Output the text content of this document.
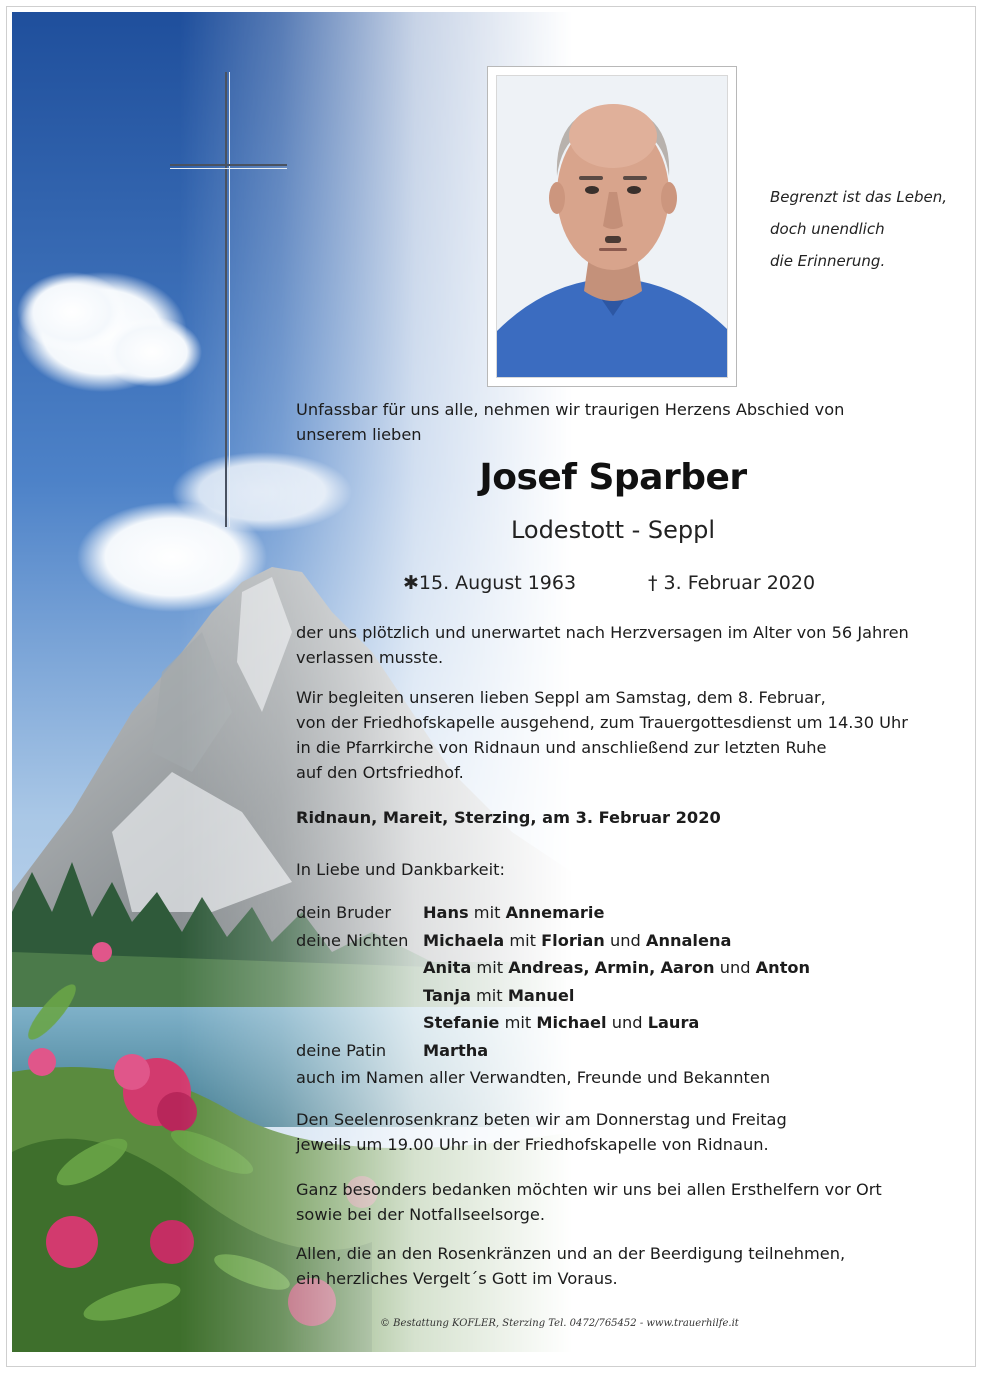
Begrenzt ist das Leben,
doch unendlich
die Erinnerung.
Unfassbar für uns alle, nehmen wir traurigen Herzens Abschied von
unserem lieben
Josef Sparber
Lodestott - Seppl
✱15. August 1963	† 3. Februar 2020
der uns plötzlich und unerwartet nach Herzversagen im Alter von 56 Jahren
verlassen musste.
Wir begleiten unseren lieben Seppl am Samstag, dem 8. Februar,
von der Friedhofskapelle ausgehend, zum Trauergottesdienst um 14.30 Uhr
in die Pfarrkirche von Ridnaun und anschließend zur letzten Ruhe
auf den Ortsfriedhof.
Ridnaun, Mareit, Sterzing, am 3. Februar 2020
In Liebe und Dankbarkeit:
dein Bruder Hans mit Annemarie
deine Nichten Michaela mit Florian und Annalena
Anita mit Andreas, Armin, Aaron und Anton
Tanja mit Manuel
Stefanie mit Michael und Laura
deine Patin Martha
auch im Namen aller Verwandten, Freunde und Bekannten
Den Seelenrosenkranz beten wir am Donnerstag und Freitag
jeweils um 19.00 Uhr in der Friedhofskapelle von Ridnaun.
Ganz besonders bedanken möchten wir uns bei allen Ersthelfern vor Ort
sowie bei der Notfallseelsorge.
Allen, die an den Rosenkränzen und an der Beerdigung teilnehmen,
ein herzliches Vergelt´s Gott im Voraus.
© Bestattung KOFLER, Sterzing Tel. 0472/765452 - www.trauerhilfe.it
